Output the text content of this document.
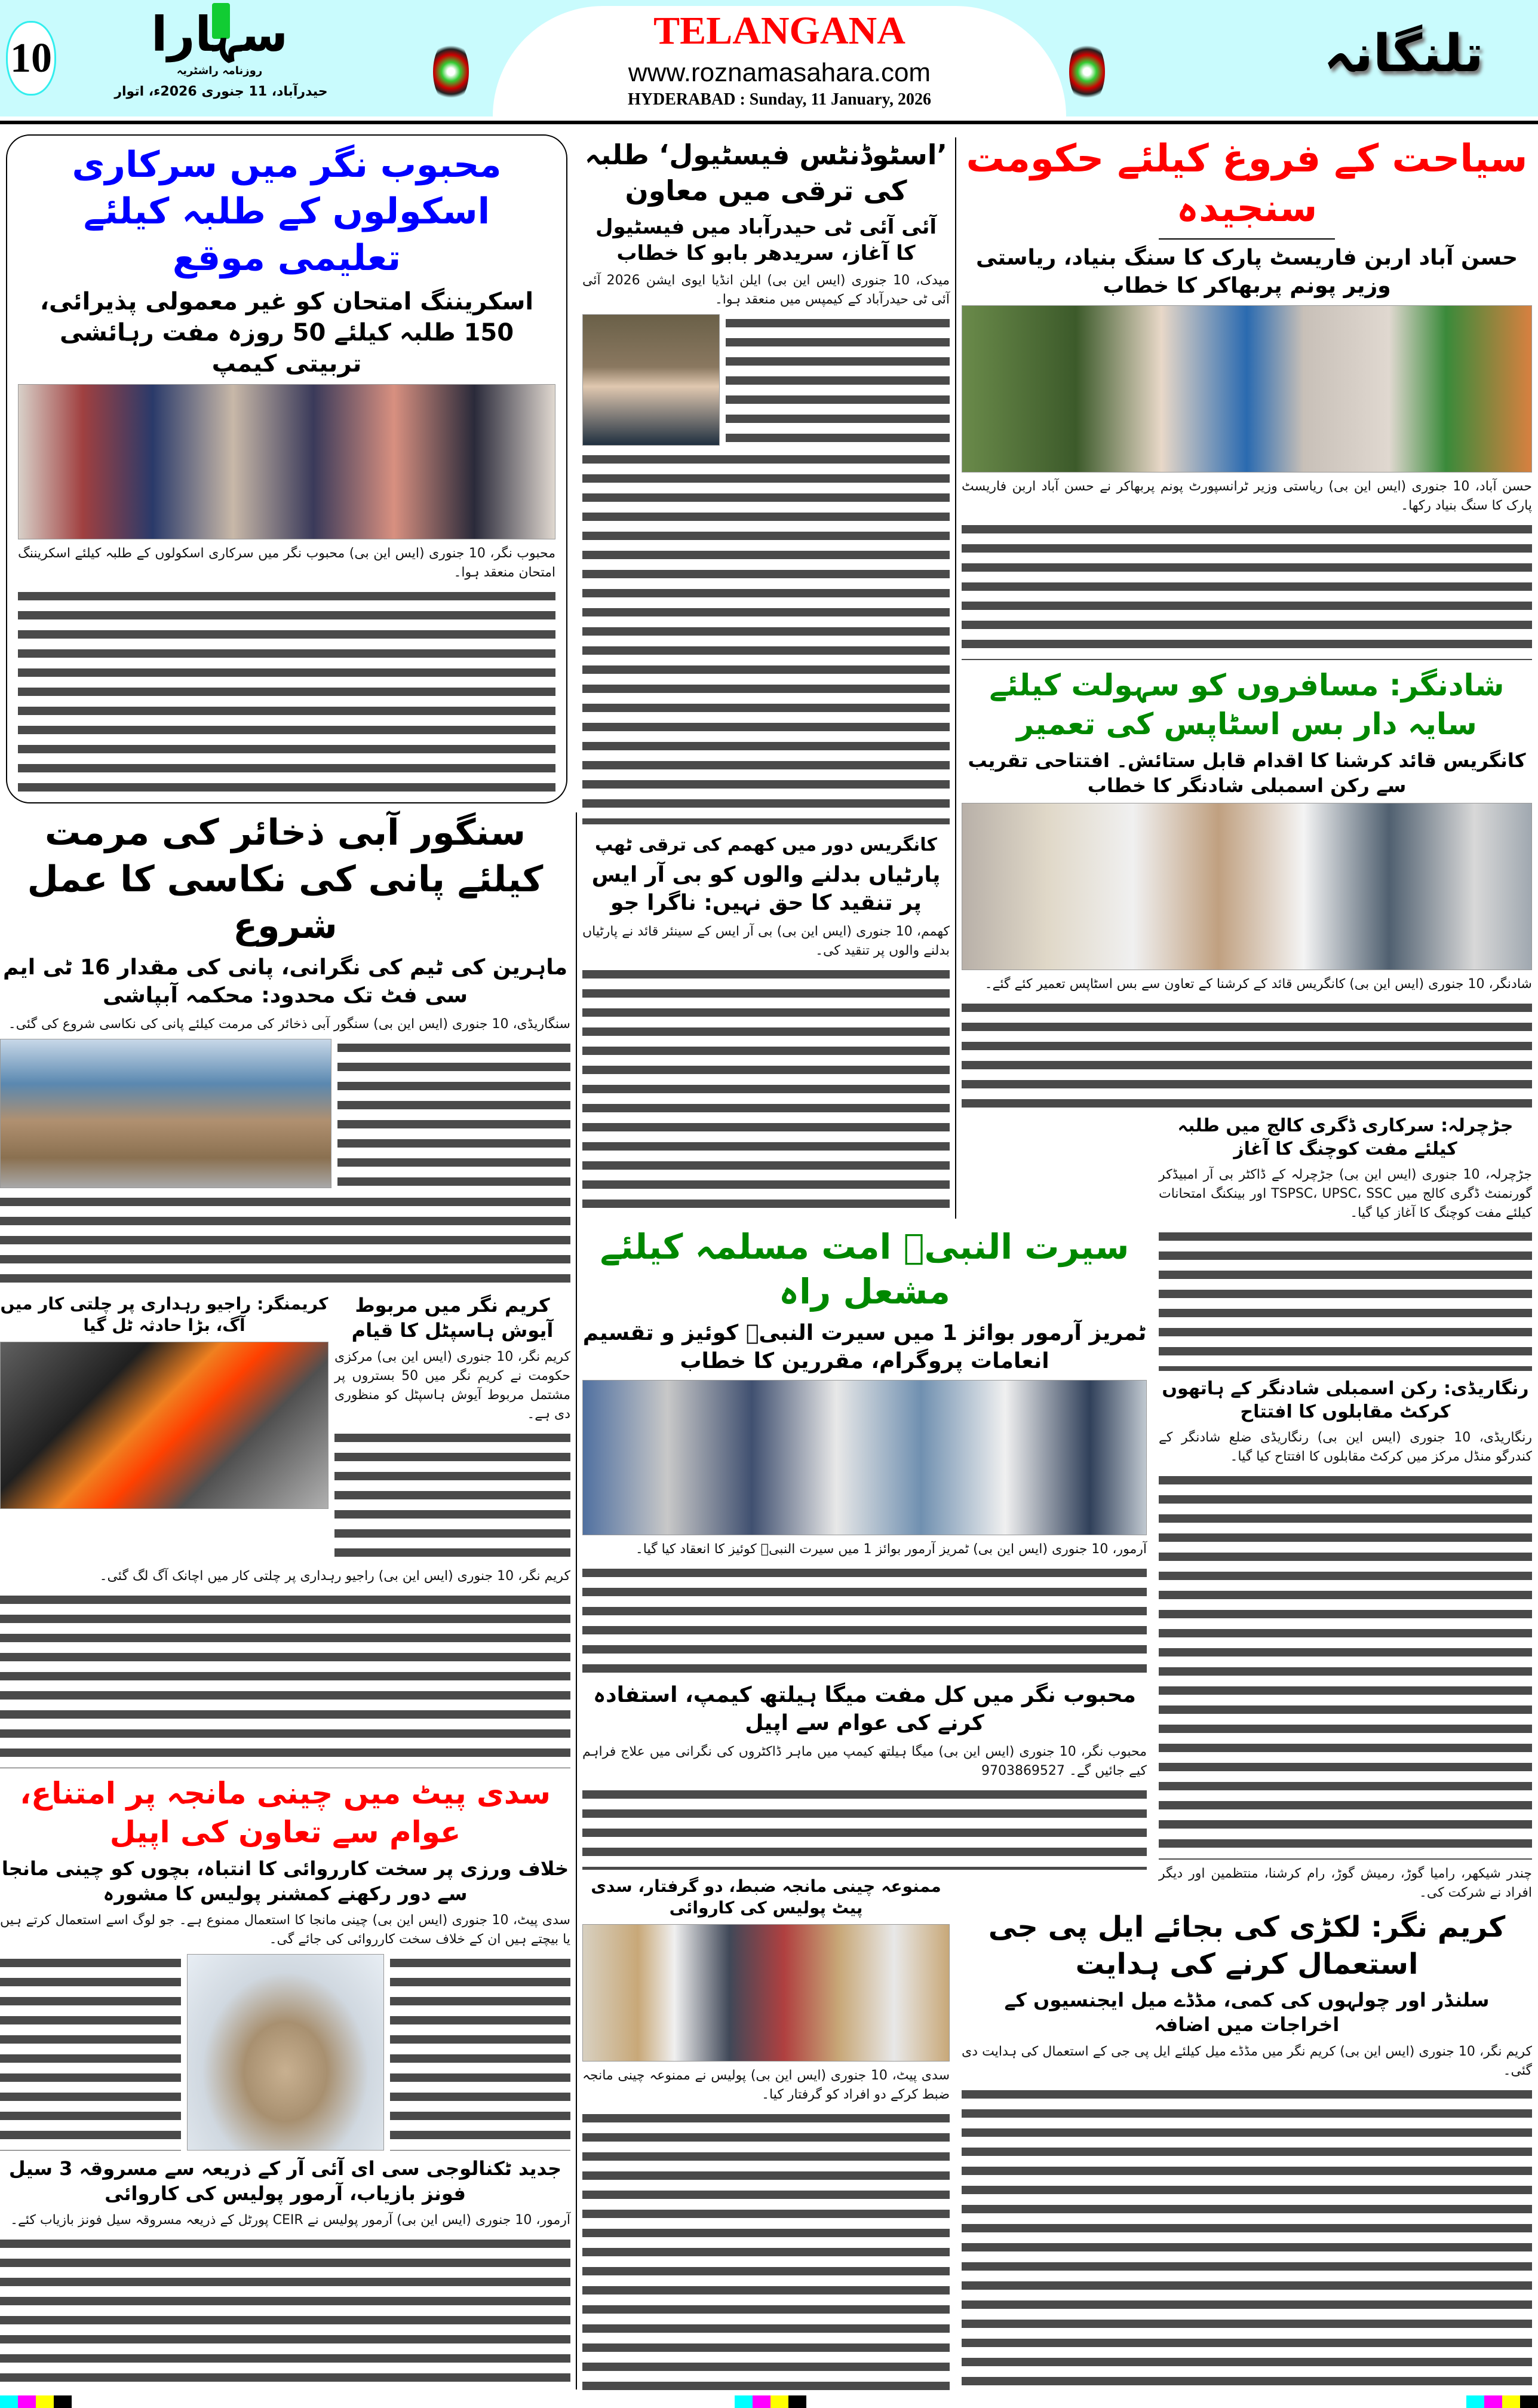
10	سہارا
روزنامہ راشٹریہ
حیدرآباد، 11 جنوری 2026ء، اتوار
TELANGANA
www.roznamasahara.com
HYDERABAD : Sunday, 11 January, 2026
تلنگانہ
سیاحت کے فروغ کیلئے حکومت سنجیدہ
حسن آباد اربن فاریسٹ پارک کا سنگ بنیاد، ریاستی وزیر پونم پربھاکر کا خطاب
حسن آباد، 10 جنوری (ایس این بی) ریاستی وزیر ٹرانسپورٹ پونم پربھاکر نے حسن آباد اربن فاریسٹ پارک کا سنگ بنیاد رکھا۔
شادنگر: مسافروں کو سہولت کیلئے سایہ دار بس اسٹاپس کی تعمیر
کانگریس قائد کرشنا کا اقدام قابل ستائش۔ افتتاحی تقریب سے رکن اسمبلی شادنگر کا خطاب
شادنگر، 10 جنوری (ایس این بی) کانگریس قائد کے کرشنا کے تعاون سے بس اسٹاپس تعمیر کئے گئے۔
جڑچرلہ: سرکاری ڈگری کالج میں طلبہ کیلئے مفت کوچنگ کا آغاز
جڑچرلہ، 10 جنوری (ایس این بی) جڑچرلہ کے ڈاکٹر بی آر امبیڈکر گورنمنٹ ڈگری کالج میں TSPSC، UPSC، SSC اور بینکنگ امتحانات کیلئے مفت کوچنگ کا آغاز کیا گیا۔
رنگاریڈی: رکن اسمبلی شادنگر کے ہاتھوں کرکٹ مقابلوں کا افتتاح
رنگاریڈی، 10 جنوری (ایس این بی) رنگاریڈی ضلع شادنگر کے کندرگو منڈل مرکز میں کرکٹ مقابلوں کا افتتاح کیا گیا۔
چندر شیکھر، رامیا گوڑ، رمیش گوڑ، رام کرشنا، منتظمین اور دیگر افراد نے شرکت کی۔
کریم نگر: لکڑی کی بجائے ایل پی جی استعمال کرنے کی ہدایت
سلنڈر اور چولہوں کی کمی، مڈڈے میل ایجنسیوں کے اخراجات میں اضافہ
کریم نگر، 10 جنوری (ایس این بی) کریم نگر میں مڈڈے میل کیلئے ایل پی جی کے استعمال کی ہدایت دی گئی۔
’اسٹوڈنٹس فیسٹیول‘ طلبہ کی ترقی میں معاون
آئی آئی ٹی حیدرآباد میں فیسٹیول کا آغاز، سریدھر بابو کا خطاب
میدک، 10 جنوری (ایس این بی) ایلن انڈیا ایوی ایشن 2026 آئی آئی ٹی حیدرآباد کے کیمپس میں منعقد ہوا۔
کانگریس دور میں کھمم کی ترقی ٹھپ
پارٹیاں بدلنے والوں کو بی آر ایس پر تنقید کا حق نہیں: ناگرا جو
کھمم، 10 جنوری (ایس این بی) بی آر ایس کے سینئر قائد نے پارٹیاں بدلنے والوں پر تنقید کی۔
سیرت النبیؐ امت مسلمہ کیلئے مشعل راہ
ٹمریز آرمور بوائز 1 میں سیرت النبیؐ کوئیز و تقسیم انعامات پروگرام، مقررین کا خطاب
آرمور، 10 جنوری (ایس این بی) ٹمریز آرمور بوائز 1 میں سیرت النبیؐ کوئیز کا انعقاد کیا گیا۔
محبوب نگر میں کل مفت میگا ہیلتھ کیمپ، استفادہ کرنے کی عوام سے اپیل
محبوب نگر، 10 جنوری (ایس این بی) میگا ہیلتھ کیمپ میں ماہر ڈاکٹروں کی نگرانی میں علاج فراہم کیے جائیں گے۔ 9703869527
ممنوعہ چینی مانجہ ضبط، دو گرفتار، سدی پیٹ پولیس کی کاروائی
سدی پیٹ، 10 جنوری (ایس این بی) پولیس نے ممنوعہ چینی مانجہ ضبط کرکے دو افراد کو گرفتار کیا۔
محبوب نگر میں سرکاری اسکولوں کے طلبہ کیلئے تعلیمی موقع
اسکریننگ امتحان کو غیر معمولی پذیرائی، 150 طلبہ کیلئے 50 روزہ مفت رہائشی تربیتی کیمپ
محبوب نگر، 10 جنوری (ایس این بی) محبوب نگر میں سرکاری اسکولوں کے طلبہ کیلئے اسکریننگ امتحان منعقد ہوا۔
سنگور آبی ذخائر کی مرمت کیلئے پانی کی نکاسی کا عمل شروع
ماہرین کی ٹیم کی نگرانی، پانی کی مقدار 16 ٹی ایم سی فٹ تک محدود: محکمہ آبپاشی
سنگاریڈی، 10 جنوری (ایس این بی) سنگور آبی ذخائر کی مرمت کیلئے پانی کی نکاسی شروع کی گئی۔
کریمنگر: راجیو رہداری پر چلتی کار میں آگ، بڑا حادثہ ٹل گیا
کریم نگر میں مربوط آیوش ہاسپٹل کا قیام
کریم نگر، 10 جنوری (ایس این بی) مرکزی حکومت نے کریم نگر میں 50 بستروں پر مشتمل مربوط آیوش ہاسپٹل کو منظوری دی ہے۔
کریم نگر، 10 جنوری (ایس این بی) راجیو رہداری پر چلتی کار میں اچانک آگ لگ گئی۔
سدی پیٹ میں چینی مانجہ پر امتناع، عوام سے تعاون کی اپیل
خلاف ورزی پر سخت کارروائی کا انتباہ، بچوں کو چینی مانجا سے دور رکھنے کمشنر پولیس کا مشورہ
سدی پیٹ، 10 جنوری (ایس این بی) چینی مانجا کا استعمال ممنوع ہے۔ جو لوگ اسے استعمال کرتے ہیں یا بیچتے ہیں ان کے خلاف سخت کارروائی کی جائے گی۔
جدید ٹکنالوجی سی ای آئی آر کے ذریعہ سے مسروقہ 3 سیل فونز بازیاب، آرمور پولیس کی کاروائی
آرمور، 10 جنوری (ایس این بی) آرمور پولیس نے CEIR پورٹل کے ذریعہ مسروقہ سیل فونز بازیاب کئے۔
